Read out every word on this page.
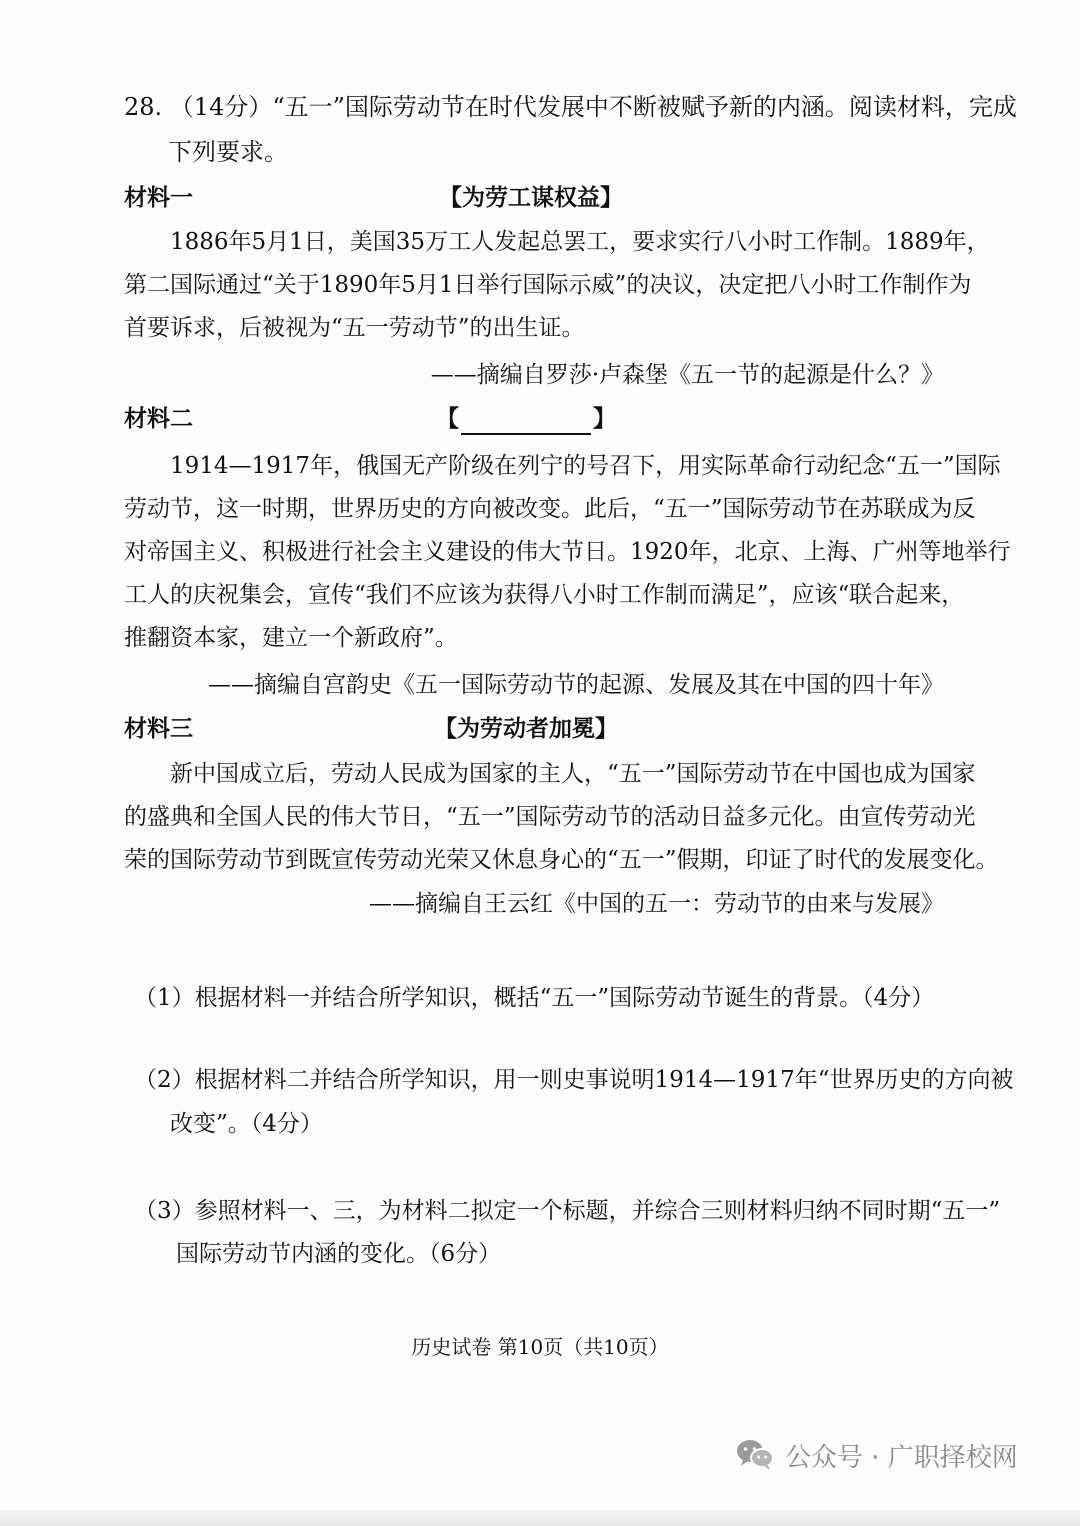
28. （14分）“五一”国际劳动节在时代发展中不断被赋予新的内涵。阅读材料，完成
下列要求。
材料一	【为劳工谋权益】
1886年5月1日，美国35万工人发起总罢工，要求实行八小时工作制。1889年，
第二国际通过“关于1890年5月1日举行国际示威”的决议，决定把八小时工作制作为
首要诉求，后被视为“五一劳动节”的出生证。
——摘编自罗莎·卢森堡《五一节的起源是什么？》
材料二	【	】
1914—1917年，俄国无产阶级在列宁的号召下，用实际革命行动纪念“五一”国际
劳动节，这一时期，世界历史的方向被改变。此后，“五一”国际劳动节在苏联成为反
对帝国主义、积极进行社会主义建设的伟大节日。1920年，北京、上海、广州等地举行
工人的庆祝集会，宣传“我们不应该为获得八小时工作制而满足”，应该“联合起来，
推翻资本家，建立一个新政府”。
——摘编自宫韵史《五一国际劳动节的起源、发展及其在中国的四十年》
材料三	【为劳动者加冕】
新中国成立后，劳动人民成为国家的主人，“五一”国际劳动节在中国也成为国家
的盛典和全国人民的伟大节日，“五一”国际劳动节的活动日益多元化。由宣传劳动光
荣的国际劳动节到既宣传劳动光荣又休息身心的“五一”假期，印证了时代的发展变化。
——摘编自王云红《中国的五一：劳动节的由来与发展》
（1）根据材料一并结合所学知识，概括“五一”国际劳动节诞生的背景。（4分）
（2）根据材料二并结合所学知识，用一则史事说明1914—1917年“世界历史的方向被
改变”。（4分）
（3）参照材料一、三，为材料二拟定一个标题，并综合三则材料归纳不同时期“五一”
国际劳动节内涵的变化。（6分）
历史试卷 第10页（共10页）
公众号 · 广职择校网
